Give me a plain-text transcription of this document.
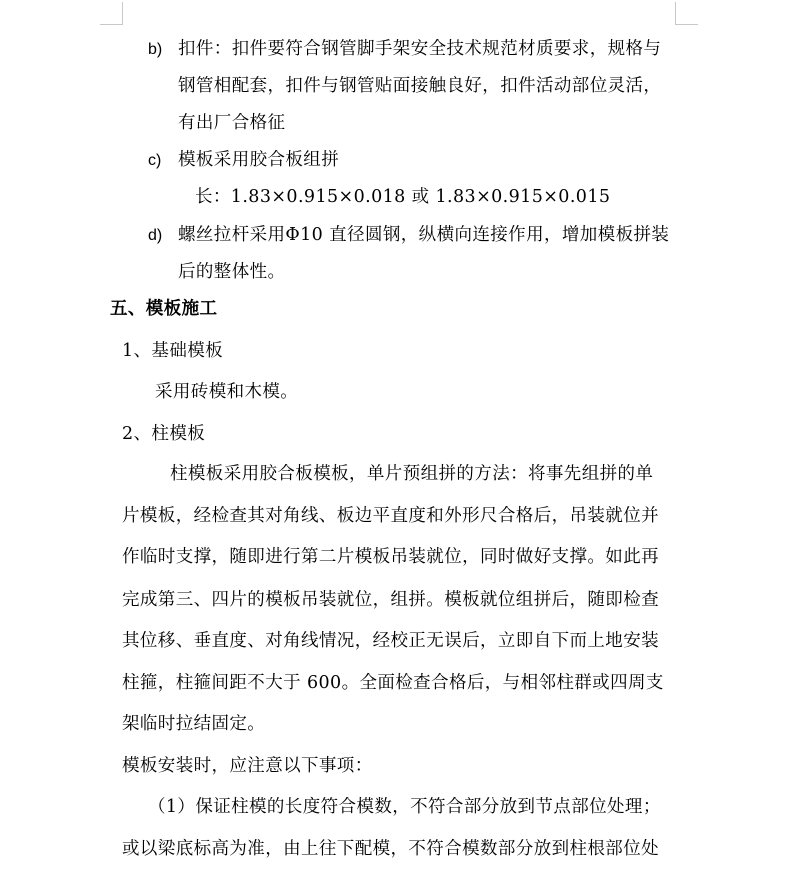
b) 扣件：扣件要符合钢管脚手架安全技术规范材质要求，规格与
钢管相配套，扣件与钢管贴面接触良好，扣件活动部位灵活，
有出厂合格征
c) 模板采用胶合板组拼
长：1.83×0.915×0.018 或 1.83×0.915×0.015
d) 螺丝拉杆采用Φ10 直径圆钢，纵横向连接作用，增加模板拼装
后的整体性。
五、模板施工
1、基础模板
采用砖模和木模。
2、柱模板
柱模板采用胶合板模板，单片预组拼的方法：将事先组拼的单
片模板，经检查其对角线、板边平直度和外形尺合格后，吊装就位并
作临时支撑，随即进行第二片模板吊装就位，同时做好支撑。如此再
完成第三、四片的模板吊装就位，组拼。模板就位组拼后，随即检查
其位移、垂直度、对角线情况，经校正无误后，立即自下而上地安装
柱箍，柱箍间距不大于 600。全面检查合格后，与相邻柱群或四周支
架临时拉结固定。
模板安装时，应注意以下事项：
（1）保证柱模的长度符合模数，不符合部分放到节点部位处理；
或以梁底标高为准，由上往下配模，不符合模数部分放到柱根部位处
